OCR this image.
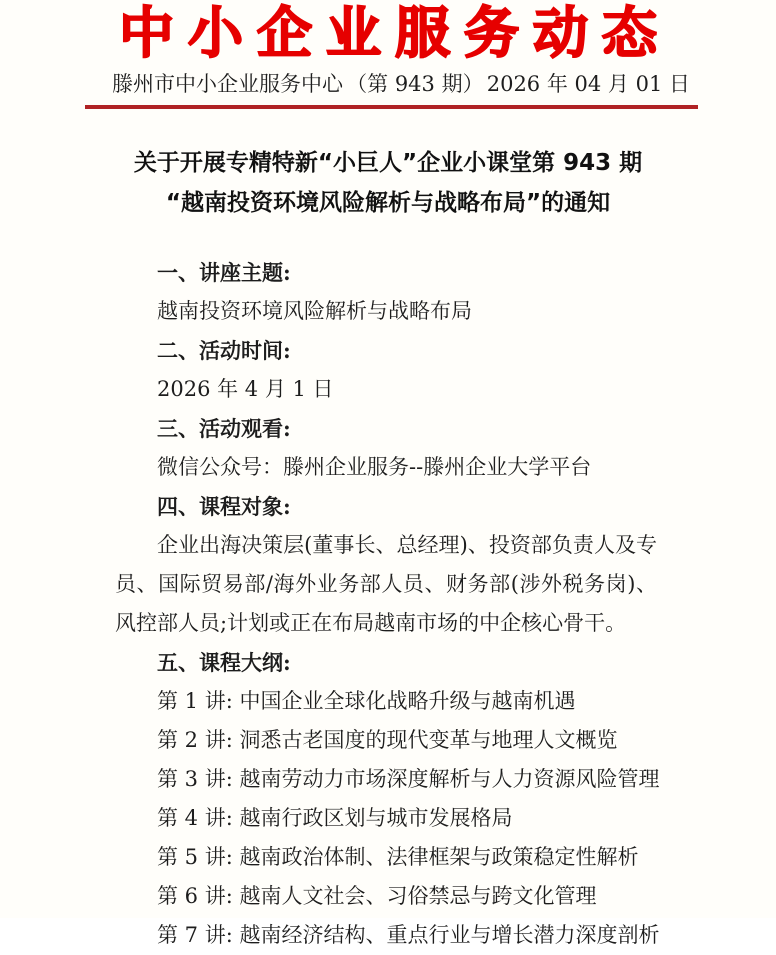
中小企业服务动态
滕州市中小企业服务中心 （第 943 期） 2026 年 04 月 01 日
关于开展专精特新“小巨人”企业小课堂第 943 期
“越南投资环境风险解析与战略布局”的通知
一、讲座主题:
越南投资环境风险解析与战略布局
二、活动时间:
2026 年 4 月 1 日
三、活动观看:
微信公众号：滕州企业服务--滕州企业大学平台
四、课程对象:
企业出海决策层(董事长、总经理)、投资部负责人及专
员、国际贸易部/海外业务部人员、财务部(涉外税务岗)、
风控部人员;计划或正在布局越南市场的中企核心骨干。
五、课程大纲:
第 1 讲: 中国企业全球化战略升级与越南机遇
第 2 讲: 洞悉古老国度的现代变革与地理人文概览
第 3 讲: 越南劳动力市场深度解析与人力资源风险管理
第 4 讲: 越南行政区划与城市发展格局
第 5 讲: 越南政治体制、法律框架与政策稳定性解析
第 6 讲: 越南人文社会、习俗禁忌与跨文化管理
第 7 讲: 越南经济结构、重点行业与增长潜力深度剖析
